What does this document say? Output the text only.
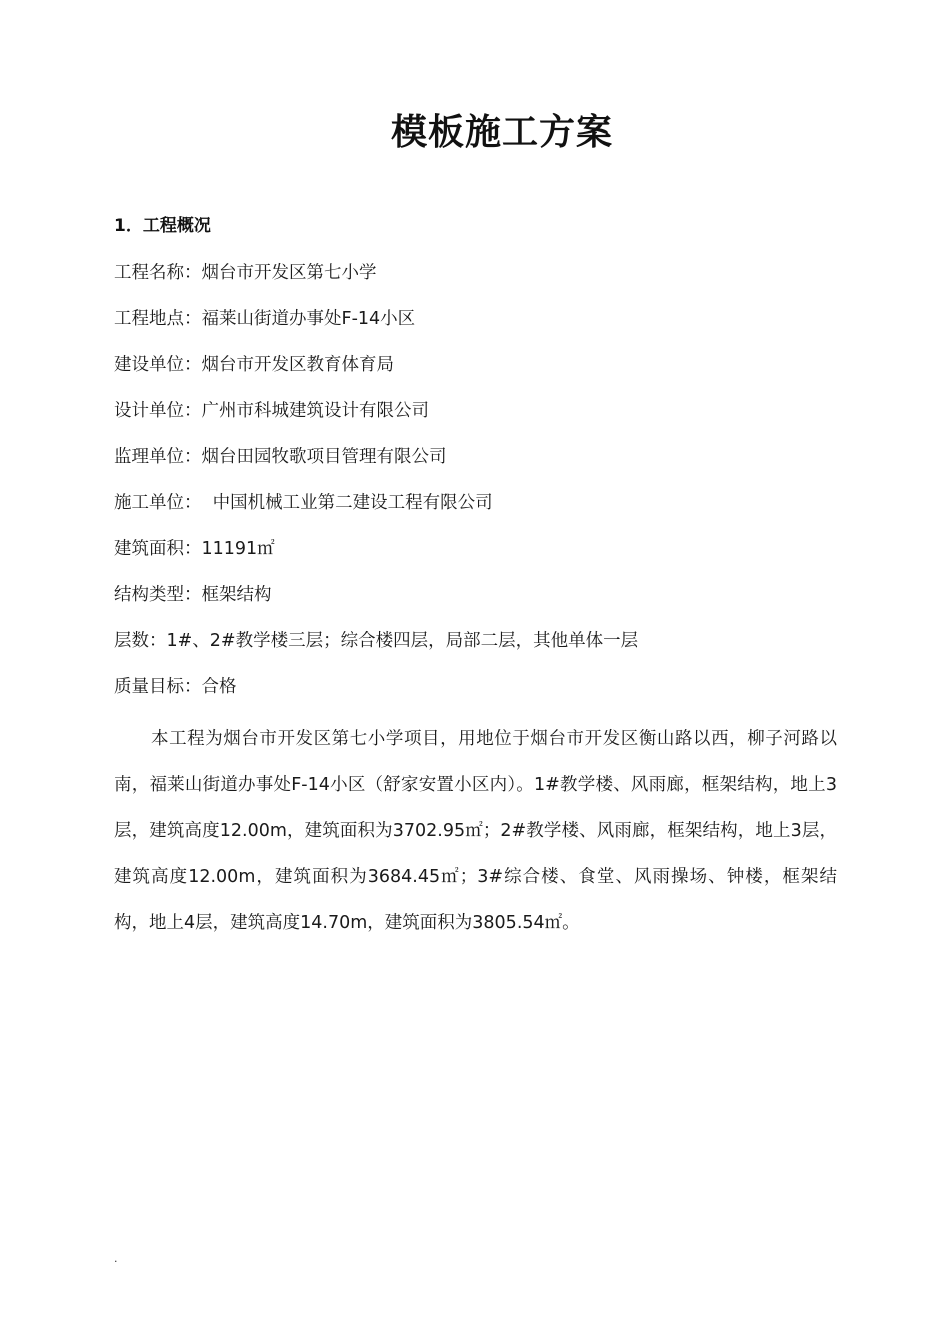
模板施工方案
1．工程概况
工程名称：烟台市开发区第七小学
工程地点：福莱山街道办事处F-14小区
建设单位：烟台市开发区教育体育局
设计单位：广州市科城建筑设计有限公司
监理单位：烟台田园牧歌项目管理有限公司
施工单位：  中国机械工业第二建设工程有限公司
建筑面积：11191㎡
结构类型：框架结构
层数：1#、2#教学楼三层；综合楼四层，局部二层，其他单体一层
质量目标：合格
本工程为烟台市开发区第七小学项目，用地位于烟台市开发区衡山路以西，柳子河路以南，福莱山街道办事处F-14小区（舒家安置小区内）。1#教学楼、风雨廊，框架结构，地上3层，建筑高度12.00m，建筑面积为3702.95㎡；2#教学楼、风雨廊，框架结构，地上3层，建筑高度12.00m，建筑面积为3684.45㎡；3#综合楼、食堂、风雨操场、钟楼，框架结构，地上4层，建筑高度14.70m，建筑面积为3805.54㎡。
.
